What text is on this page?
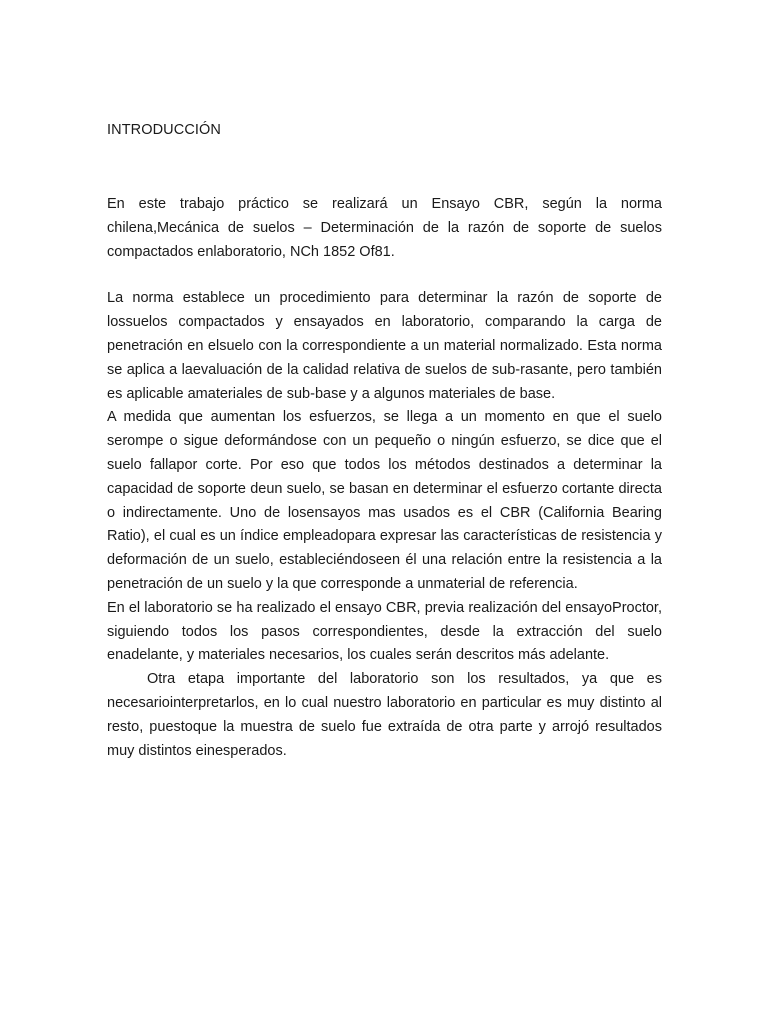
INTRODUCCIÓN

En este trabajo práctico se realizará un Ensayo CBR, según la norma chilena,Mecánica de suelos – Determinación de la razón de soporte de suelos compactados enlaboratorio, NCh 1852 Of81.

La norma establece un procedimiento para determinar la razón de soporte de lossuelos compactados y ensayados en laboratorio, comparando la carga de penetración en elsuelo con la correspondiente a un material normalizado. Esta norma se aplica a laevaluación de la calidad relativa de suelos de sub-rasante, pero también es aplicable amateriales de sub-base y a algunos materiales de base.

A medida que aumentan los esfuerzos, se llega a un momento en que el suelo serompe o sigue deformándose con un pequeño o ningún esfuerzo, se dice que el suelo fallapor corte. Por eso que todos los métodos destinados a determinar la capacidad de soporte deun suelo, se basan en determinar el esfuerzo cortante directa o indirectamente. Uno de losensayos mas usados es el CBR (California Bearing Ratio), el cual es un índice empleadopara expresar las características de resistencia y deformación de un suelo, estableciéndoseen él una relación entre la resistencia a la penetración de un suelo y la que corresponde a unmaterial de referencia.

En el laboratorio se ha realizado el ensayo CBR, previa realización del ensayoProctor, siguiendo todos los pasos correspondientes, desde la extracción del suelo enadelante, y materiales necesarios, los cuales serán descritos más adelante.

Otra etapa importante del laboratorio son los resultados, ya que es necesariointerpretarlos, en lo cual nuestro laboratorio en particular es muy distinto al resto, puestoque la muestra de suelo fue extraída de otra parte y arrojó resultados muy distintos einesperados.
